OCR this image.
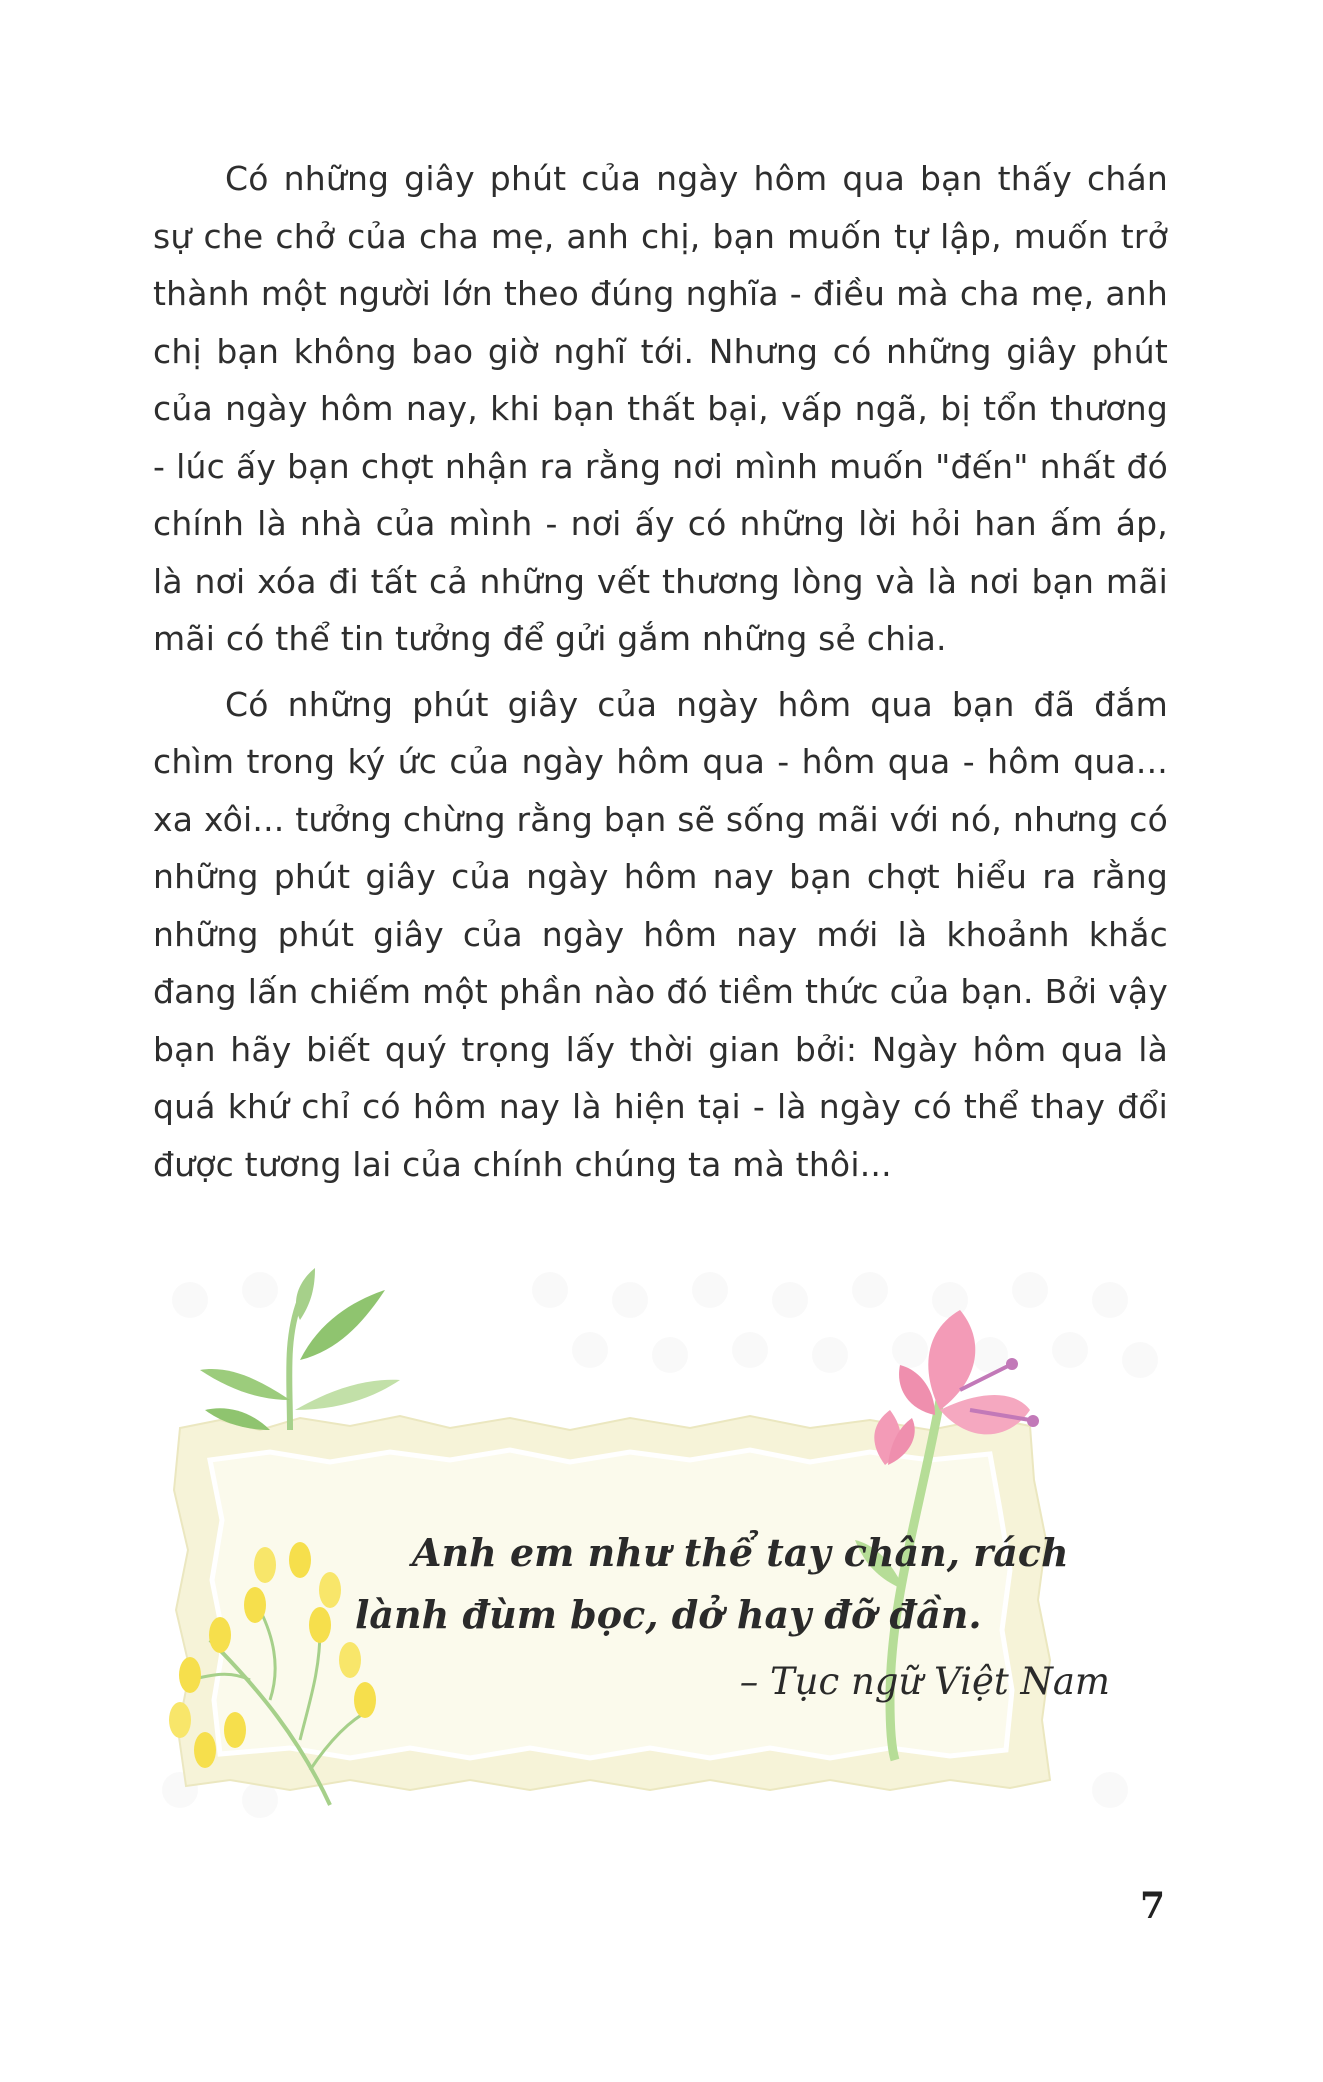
Có những giây phút của ngày hôm qua bạn thấy chán sự che chở của cha mẹ, anh chị, bạn muốn tự lập, muốn trở thành một người lớn theo đúng nghĩa - điều mà cha mẹ, anh chị bạn không bao giờ nghĩ tới. Nhưng có những giây phút của ngày hôm nay, khi bạn thất bại, vấp ngã, bị tổn thương - lúc ấy bạn chợt nhận ra rằng nơi mình muốn "đến" nhất đó chính là nhà của mình - nơi ấy có những lời hỏi han ấm áp, là nơi xóa đi tất cả những vết thương lòng và là nơi bạn mãi mãi có thể tin tưởng để gửi gắm những sẻ chia.

Có những phút giây của ngày hôm qua bạn đã đắm chìm trong ký ức của ngày hôm qua - hôm qua - hôm qua... xa xôi... tưởng chừng rằng bạn sẽ sống mãi với nó, nhưng có những phút giây của ngày hôm nay bạn chợt hiểu ra rằng những phút giây của ngày hôm nay mới là khoảnh khắc đang lấn chiếm một phần nào đó tiềm thức của bạn. Bởi vậy bạn hãy biết quý trọng lấy thời gian bởi: Ngày hôm qua là quá khứ chỉ có hôm nay là hiện tại - là ngày có thể thay đổi được tương lai của chính chúng ta mà thôi...

Anh em như thể tay chân, rách
lành đùm bọc, dở hay đỡ đần.
– Tục ngữ Việt Nam
7
